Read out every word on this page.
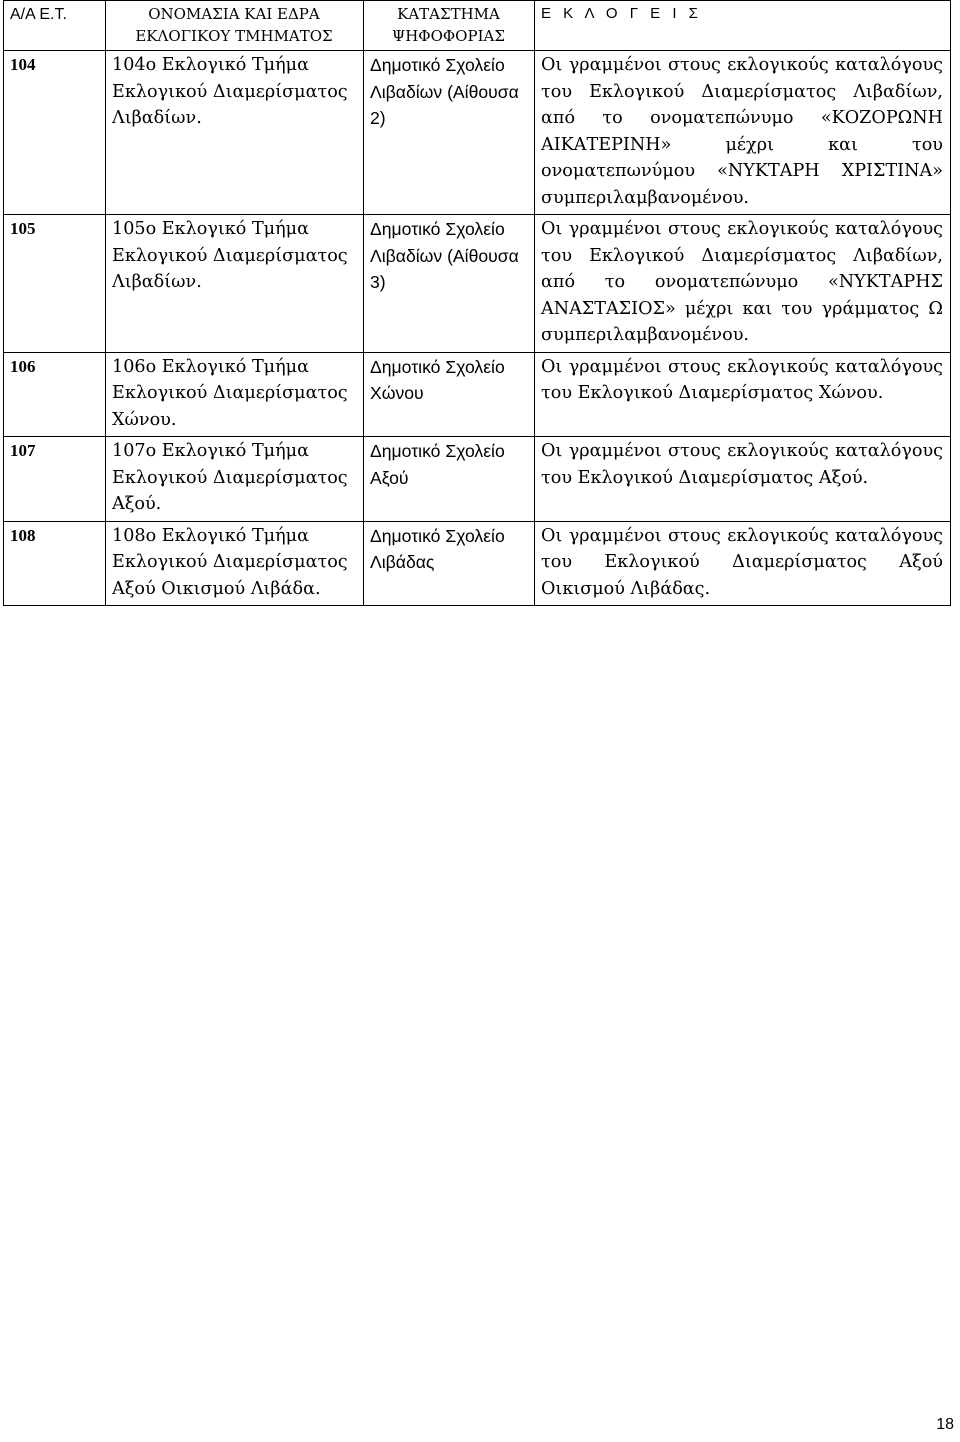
Α/Α Ε.Τ.	ΟΝΟΜΑΣΙΑ ΚΑΙ ΕΔΡΑ ΕΚΛΟΓΙΚΟΥ ΤΜΗΜΑΤΟΣ	ΚΑΤΑΣΤΗΜΑ ΨΗΦΟΦΟΡΙΑΣ	Ε Κ Λ Ο Γ Ε Ι Σ
104	104ο Εκλογικό Τμήμα Εκλογικού Διαμερίσματος Λιβαδίων.	Δημοτικό Σχολείο Λιβαδίων (Αίθουσα 2)	Οι γραμμένοι στους εκλογικούς καταλόγους του Εκλογικού Διαμερίσματος Λιβαδίων, από το ονοματεπώνυμο «ΚΟΖΟΡΩΝΗ ΑΙΚΑΤΕΡΙΝΗ» μέχρι και του ονοματεπωνύμου «ΝΥΚΤΑΡΗ ΧΡΙΣΤΙΝΑ» συμπεριλαμβανομένου.
105	105ο Εκλογικό Τμήμα Εκλογικού Διαμερίσματος Λιβαδίων.	Δημοτικό Σχολείο Λιβαδίων (Αίθουσα 3)	Οι γραμμένοι στους εκλογικούς καταλόγους του Εκλογικού Διαμερίσματος Λιβαδίων, από το ονοματεπώνυμο «ΝΥΚΤΑΡΗΣ ΑΝΑΣΤΑΣΙΟΣ» μέχρι και του γράμματος Ω συμπεριλαμβανομένου.
106	106ο Εκλογικό Τμήμα Εκλογικού Διαμερίσματος Χώνου.	Δημοτικό Σχολείο Χώνου	Οι γραμμένοι στους εκλογικούς καταλόγους του Εκλογικού Διαμερίσματος Χώνου.
107	107ο Εκλογικό Τμήμα Εκλογικού Διαμερίσματος Αξού.	Δημοτικό Σχολείο Αξού	Οι γραμμένοι στους εκλογικούς καταλόγους του Εκλογικού Διαμερίσματος Αξού.
108	108ο Εκλογικό Τμήμα Εκλογικού Διαμερίσματος Αξού Οικισμού Λιβάδα.	Δημοτικό Σχολείο Λιβάδας	Οι γραμμένοι στους εκλογικούς καταλόγους του Εκλογικού Διαμερίσματος Αξού Οικισμού Λιβάδας.
18
